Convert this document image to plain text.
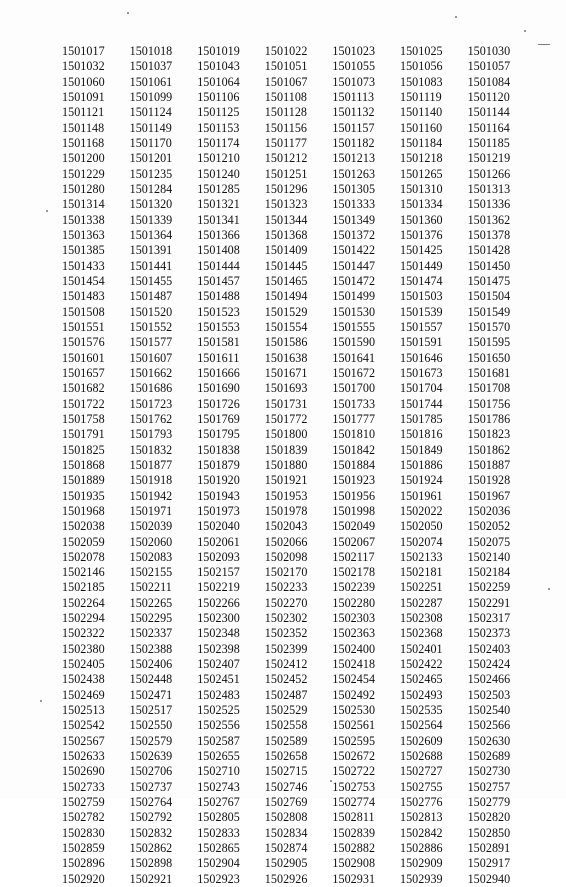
1501017	1501018	1501019	1501022	1501023	1501025	1501030
1501032	1501037	1501043	1501051	1501055	1501056	1501057
1501060	1501061	1501064	1501067	1501073	1501083	1501084
1501091	1501099	1501106	1501108	1501113	1501119	1501120
1501121	1501124	1501125	1501128	1501132	1501140	1501144
1501148	1501149	1501153	1501156	1501157	1501160	1501164
1501168	1501170	1501174	1501177	1501182	1501184	1501185
1501200	1501201	1501210	1501212	1501213	1501218	1501219
1501229	1501235	1501240	1501251	1501263	1501265	1501266
1501280	1501284	1501285	1501296	1501305	1501310	1501313
1501314	1501320	1501321	1501323	1501333	1501334	1501336
1501338	1501339	1501341	1501344	1501349	1501360	1501362
1501363	1501364	1501366	1501368	1501372	1501376	1501378
1501385	1501391	1501408	1501409	1501422	1501425	1501428
1501433	1501441	1501444	1501445	1501447	1501449	1501450
1501454	1501455	1501457	1501465	1501472	1501474	1501475
1501483	1501487	1501488	1501494	1501499	1501503	1501504
1501508	1501520	1501523	1501529	1501530	1501539	1501549
1501551	1501552	1501553	1501554	1501555	1501557	1501570
1501576	1501577	1501581	1501586	1501590	1501591	1501595
1501601	1501607	1501611	1501638	1501641	1501646	1501650
1501657	1501662	1501666	1501671	1501672	1501673	1501681
1501682	1501686	1501690	1501693	1501700	1501704	1501708
1501722	1501723	1501726	1501731	1501733	1501744	1501756
1501758	1501762	1501769	1501772	1501777	1501785	1501786
1501791	1501793	1501795	1501800	1501810	1501816	1501823
1501825	1501832	1501838	1501839	1501842	1501849	1501862
1501868	1501877	1501879	1501880	1501884	1501886	1501887
1501889	1501918	1501920	1501921	1501923	1501924	1501928
1501935	1501942	1501943	1501953	1501956	1501961	1501967
1501968	1501971	1501973	1501978	1501998	1502022	1502036
1502038	1502039	1502040	1502043	1502049	1502050	1502052
1502059	1502060	1502061	1502066	1502067	1502074	1502075
1502078	1502083	1502093	1502098	1502117	1502133	1502140
1502146	1502155	1502157	1502170	1502178	1502181	1502184
1502185	1502211	1502219	1502233	1502239	1502251	1502259
1502264	1502265	1502266	1502270	1502280	1502287	1502291
1502294	1502295	1502300	1502302	1502303	1502308	1502317
1502322	1502337	1502348	1502352	1502363	1502368	1502373
1502380	1502388	1502398	1502399	1502400	1502401	1502403
1502405	1502406	1502407	1502412	1502418	1502422	1502424
1502438	1502448	1502451	1502452	1502454	1502465	1502466
1502469	1502471	1502483	1502487	1502492	1502493	1502503
1502513	1502517	1502525	1502529	1502530	1502535	1502540
1502542	1502550	1502556	1502558	1502561	1502564	1502566
1502567	1502579	1502587	1502589	1502595	1502609	1502630
1502633	1502639	1502655	1502658	1502672	1502688	1502689
1502690	1502706	1502710	1502715	1502722	1502727	1502730
1502733	1502737	1502743	1502746	1502753	1502755	1502757
1502759	1502764	1502767	1502769	1502774	1502776	1502779
1502782	1502792	1502805	1502808	1502811	1502813	1502820
1502830	1502832	1502833	1502834	1502839	1502842	1502850
1502859	1502862	1502865	1502874	1502882	1502886	1502891
1502896	1502898	1502904	1502905	1502908	1502909	1502917
1502920	1502921	1502923	1502926	1502931	1502939	1502940
